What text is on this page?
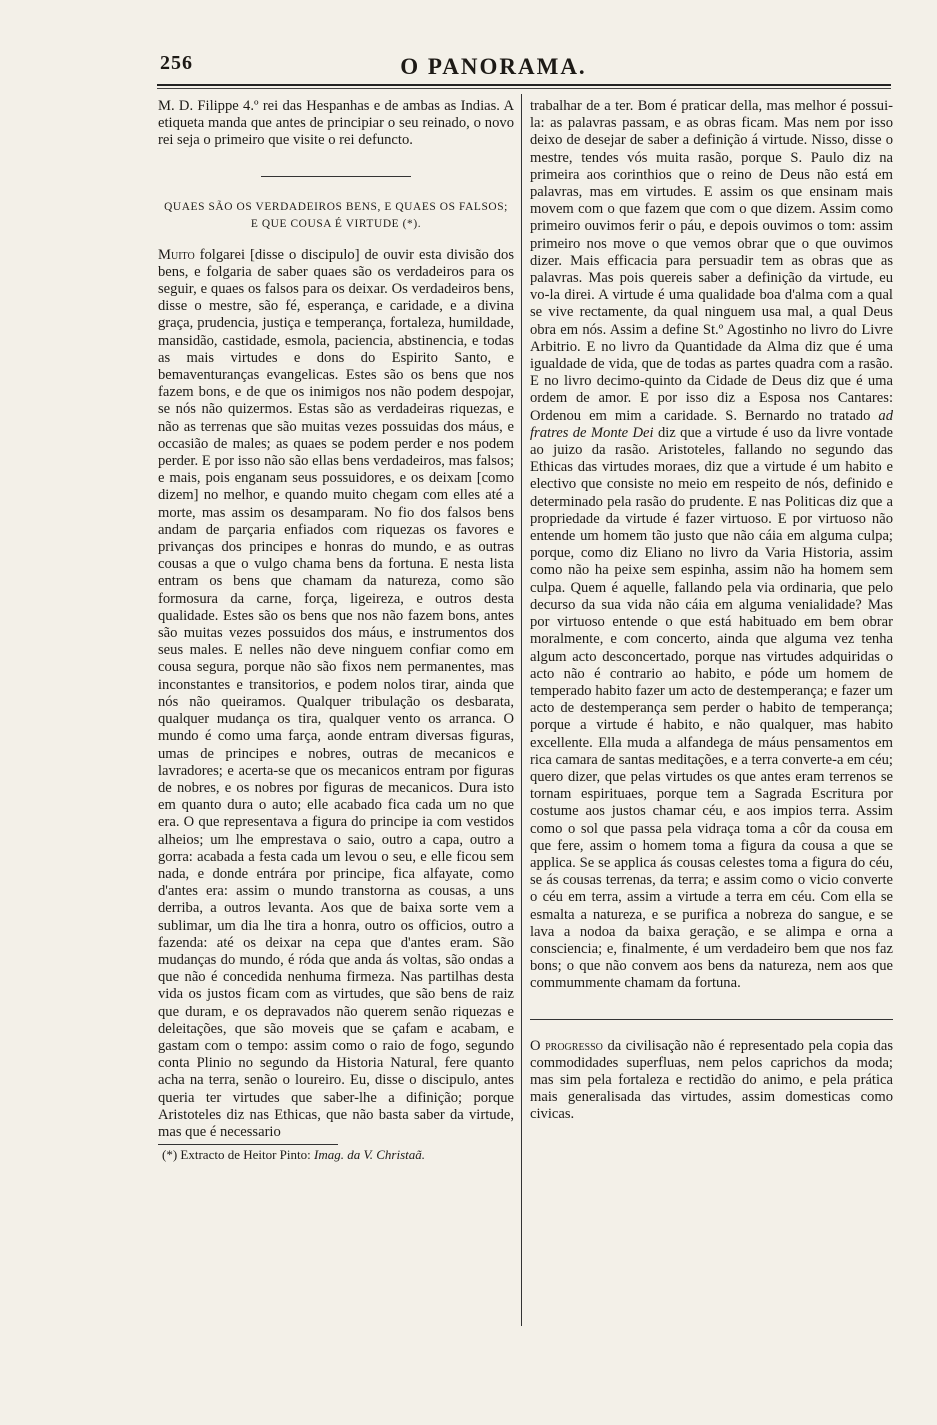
256	O PANORAMA.

M. D. Filippe 4.º rei das Hespanhas e de ambas as Indias. A etiqueta manda que antes de principiar o seu reinado, o novo rei seja o primeiro que visite o rei defuncto.

QUAES SÃO OS VERDADEIROS BENS, E QUAES OS FALSOS;
E QUE COUSA É VIRTUDE (*).

Muito folgarei [disse o discipulo] de ouvir esta divisão dos bens, e folgaria de saber quaes são os verdadeiros para os seguir, e quaes os falsos para os deixar. Os verdadeiros bens, disse o mestre, são fé, esperança, e caridade, e a divina graça, prudencia, justiça e temperança, fortaleza, humildade, mansidão, castidade, esmola, paciencia, abstinencia, e todas as mais virtudes e dons do Espirito Santo, e bemaventuranças evangelicas. Estes são os bens que nos fazem bons, e de que os inimigos nos não podem despojar, se nós não quizermos. Estas são as verdadeiras riquezas, e não as terrenas que são muitas vezes possuidas dos máus, e occasião de males; as quaes se podem perder e nos podem perder. E por isso não são ellas bens verdadeiros, mas falsos; e mais, pois enganam seus possuidores, e os deixam [como dizem] no melhor, e quando muito chegam com elles até a morte, mas assim os desamparam. No fio dos falsos bens andam de parçaria enfiados com riquezas os favores e privanças dos principes e honras do mundo, e as outras cousas a que o vulgo chama bens da fortuna. E nesta lista entram os bens que chamam da natureza, como são formosura da carne, força, ligeireza, e outros desta qualidade. Estes são os bens que nos não fazem bons, antes são muitas vezes possuidos dos máus, e instrumentos dos seus males. E nelles não deve ninguem confiar como em cousa segura, porque não são fixos nem permanentes, mas inconstantes e transitorios, e podem nolos tirar, ainda que nós não queiramos. Qualquer tribulação os desbarata, qualquer mudança os tira, qualquer vento os arranca. O mundo é como uma farça, aonde entram diversas figuras, umas de principes e nobres, outras de mecanicos e lavradores; e acerta-se que os mecanicos entram por figuras de nobres, e os nobres por figuras de mecanicos. Dura isto em quanto dura o auto; elle acabado fica cada um no que era. O que representava a figura do principe ia com vestidos alheios; um lhe emprestava o saio, outro a capa, outro a gorra: acabada a festa cada um levou o seu, e elle ficou sem nada, e donde entrára por principe, fica alfayate, como d'antes era: assim o mundo transtorna as cousas, a uns derriba, a outros levanta. Aos que de baixa sorte vem a sublimar, um dia lhe tira a honra, outro os officios, outro a fazenda: até os deixar na cepa que d'antes eram. São mudanças do mundo, é róda que anda ás voltas, são ondas a que não é concedida nenhuma firmeza. Nas partilhas desta vida os justos ficam com as virtudes, que são bens de raiz que duram, e os depravados não querem senão riquezas e deleitações, que são moveis que se çafam e acabam, e gastam com o tempo: assim como o raio de fogo, segundo conta Plinio no segundo da Historia Natural, fere quanto acha na terra, senão o loureiro. Eu, disse o discipulo, antes queria ter virtudes que saber-lhe a difinição; porque Aristoteles diz nas Ethicas, que não basta saber da virtude, mas que é necessario

(*) Extracto de Heitor Pinto: Imag. da V. Christaã.

trabalhar de a ter. Bom é praticar della, mas melhor é possui-la: as palavras passam, e as obras ficam. Mas nem por isso deixo de desejar de saber a definição á virtude. Nisso, disse o mestre, tendes vós muita rasão, porque S. Paulo diz na primeira aos corinthios que o reino de Deus não está em palavras, mas em virtudes. E assim os que ensinam mais movem com o que fazem que com o que dizem. Assim como primeiro ouvimos ferir o páu, e depois ouvimos o tom: assim primeiro nos move o que vemos obrar que o que ouvimos dizer. Mais efficacia para persuadir tem as obras que as palavras. Mas pois quereis saber a definição da virtude, eu vo-la direi. A virtude é uma qualidade boa d'alma com a qual se vive rectamente, da qual ninguem usa mal, a qual Deus obra em nós. Assim a define St.º Agostinho no livro do Livre Arbitrio. E no livro da Quantidade da Alma diz que é uma igualdade de vida, que de todas as partes quadra com a rasão. E no livro decimo-quinto da Cidade de Deus diz que é uma ordem de amor. E por isso diz a Esposa nos Cantares: Ordenou em mim a caridade. S. Bernardo no tratado ad fratres de Monte Dei diz que a virtude é uso da livre vontade ao juizo da rasão. Aristoteles, fallando no segundo das Ethicas das virtudes moraes, diz que a virtude é um habito e electivo que consiste no meio em respeito de nós, definido e determinado pela rasão do prudente. E nas Politicas diz que a propriedade da virtude é fazer virtuoso. E por virtuoso não entende um homem tão justo que não cáia em alguma culpa; porque, como diz Eliano no livro da Varia Historia, assim como não ha peixe sem espinha, assim não ha homem sem culpa. Quem é aquelle, fallando pela via ordinaria, que pelo decurso da sua vida não cáia em alguma venialidade? Mas por virtuoso entende o que está habituado em bem obrar moralmente, e com concerto, ainda que alguma vez tenha algum acto desconcertado, porque nas virtudes adquiridas o acto não é contrario ao habito, e póde um homem de temperado habito fazer um acto de destemperança; e fazer um acto de destemperança sem perder o habito de temperança; porque a virtude é habito, e não qualquer, mas habito excellente. Ella muda a alfandega de máus pensamentos em rica camara de santas meditações, e a terra converte-a em céu; quero dizer, que pelas virtudes os que antes eram terrenos se tornam espirituaes, porque tem a Sagrada Escritura por costume aos justos chamar céu, e aos impios terra. Assim como o sol que passa pela vidraça toma a côr da cousa em que fere, assim o homem toma a figura da cousa a que se applica. Se se applica ás cousas celestes toma a figura do céu, se ás cousas terrenas, da terra; e assim como o vicio converte o céu em terra, assim a virtude a terra em céu. Com ella se esmalta a natureza, e se purifica a nobreza do sangue, e se lava a nodoa da baixa geração, e se alimpa e orna a consciencia; e, finalmente, é um verdadeiro bem que nos faz bons; o que não convem aos bens da natureza, nem aos que commummente chamam da fortuna.

O progresso da civilisação não é representado pela copia das commodidades superfluas, nem pelos caprichos da moda; mas sim pela fortaleza e rectidão do animo, e pela prática mais generalisada das virtudes, assim domesticas como civicas.
